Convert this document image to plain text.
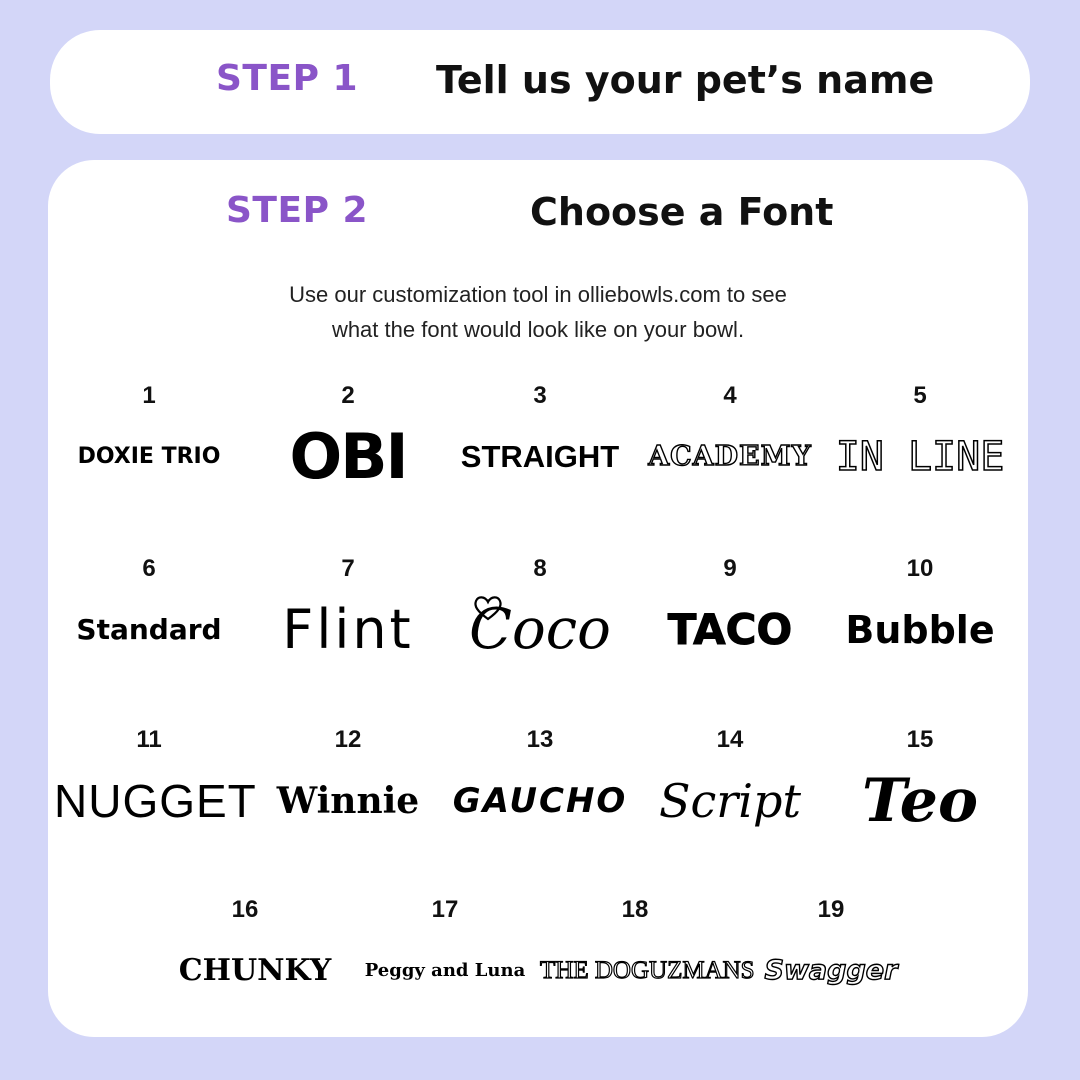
STEP 1 Tell us your pet’s name
STEP 2	Choose a Font
Use our customization tool in olliebowls.com to see
what the font would look like on your bowl.
1
DOXIE TRIO
2
OBI
3
STRAIGHT
4
ACADEMY
5
IN LINE
6
Standard
7
Flint
8
Coco
9
TACO
10
Bubble
11
NUGGET
12
Winnie
13
GAUCHO
14
Script
15
Teo
16
CHUNKY
17
Peggy and Luna
18
THE DOGUZMANS
19
Swagger
